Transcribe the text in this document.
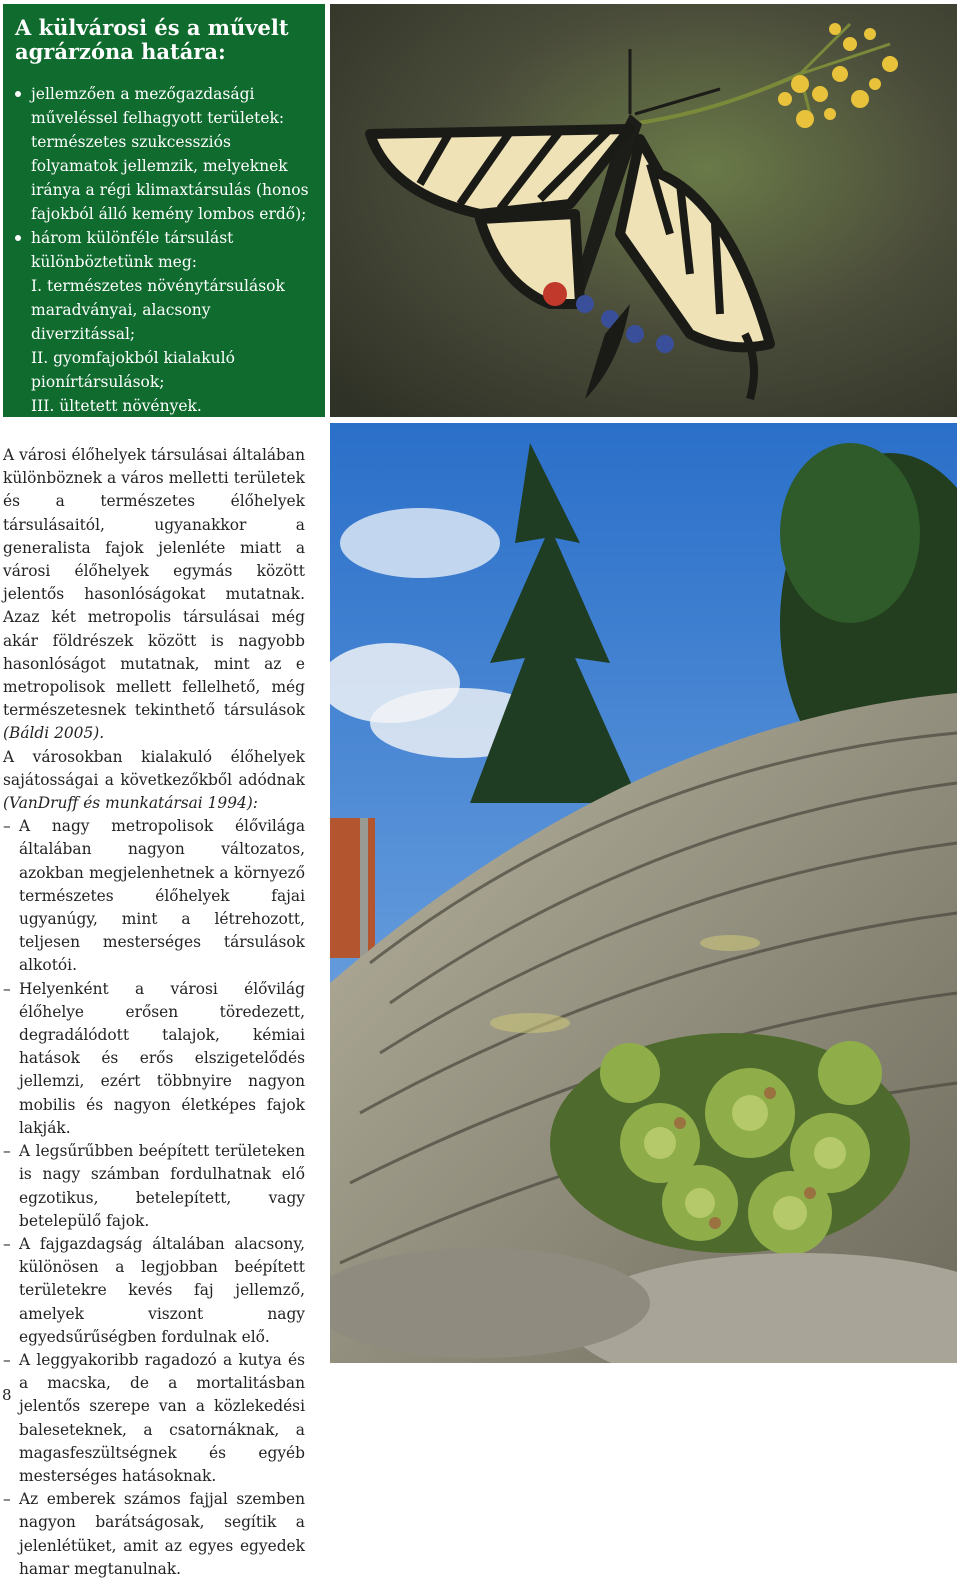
A külvárosi és a művelt agrárzóna határa:
jellemzően a mezőgazdasági műveléssel felhagyott területek: természetes szukcessziós folyamatok jellemzik, melyeknek iránya a régi klimaxtársulás (honos fajokból álló kemény lombos erdő);
három különféle társulást különböztetünk meg:
I. természetes növénytársulások maradványai, alacsony diverzitással;
II. gyomfajokból kialakuló pionírtársulások;
III. ültetett növények.

A városi élőhelyek társulásai általában különböznek a város melletti területek és a természetes élőhelyek társulásaitól, ugyanakkor a generalista fajok jelenléte miatt a városi élőhelyek egymás között jelentős hasonlóságokat mutatnak. Azaz két metropolis társulásai még akár földrészek között is nagyobb hasonlóságot mutatnak, mint az e metropolisok mellett fellelhető, még természetesnek tekinthető társulások (Báldi 2005).

A városokban kialakuló élőhelyek sajátosságai a következőkből adódnak (VanDruff és munkatársai 1994):

– A nagy metropolisok élővilága általában nagyon változatos, azokban megjelenhetnek a környező természetes élőhelyek fajai ugyanúgy, mint a létrehozott, teljesen mesterséges társulások alkotói.

– Helyenként a városi élővilág élőhelye erősen töredezett, degradálódott talajok, kémiai hatások és erős elszigetelődés jellemzi, ezért többnyire nagyon mobilis és nagyon életképes fajok lakják.

– A legsűrűbben beépített területeken is nagy számban fordulhatnak elő egzotikus, betelepített, vagy betelepülő fajok.

– A fajgazdagság általában alacsony, különösen a legjobban beépített területekre kevés faj jellemző, amelyek viszont nagy egyedsűrűségben fordulnak elő.

– A leggyakoribb ragadozó a kutya és a macska, de a mortalitásban jelentős szerepe van a közlekedési baleseteknek, a csatornáknak, a magasfeszültségnek és egyéb mesterséges hatásoknak.

– Az emberek számos fajjal szemben nagyon barátságosak, segítik a jelenlétüket, amit az egyes egyedek hamar megtanulnak.

8
